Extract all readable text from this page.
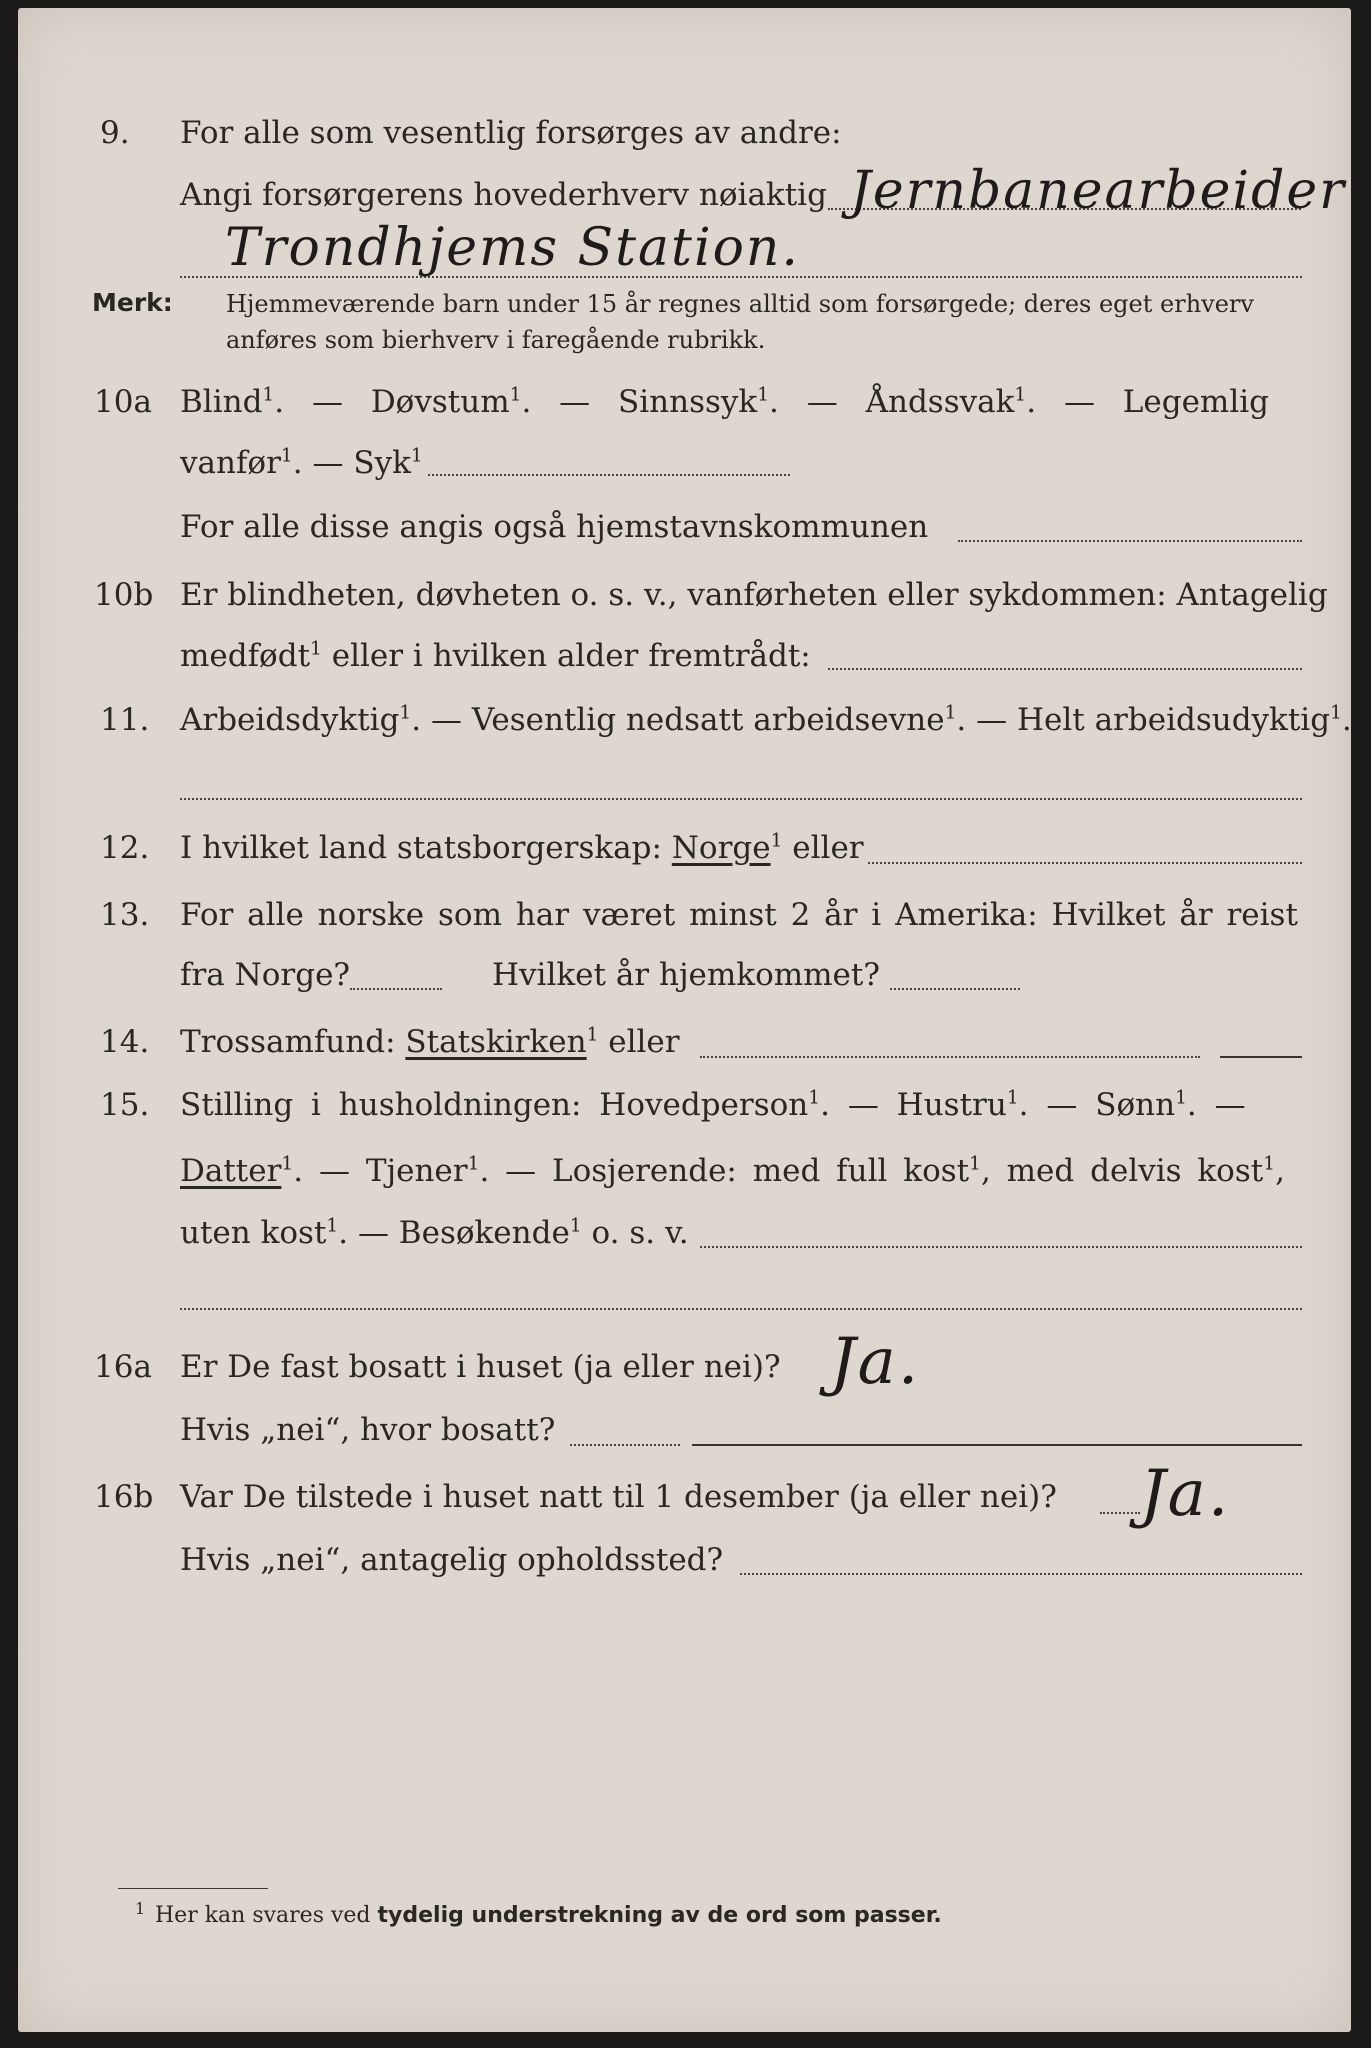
9. For alle som vesentlig forsørges av andre:
Angi forsørgerens hovederhverv nøiaktig Jernbanearbeider
Trondhjems Station.
Merk: Hjemmeværende barn under 15 år regnes alltid som forsørgede; deres eget erhverv
anføres som bierhverv i faregående rubrikk.
10a Blind$^1$. — Døvstum$^1$. — Sinnssyk$^1$. — Åndssvak$^1$. — Legemlig
vanfør$^1$. — Syk$^1$
For alle disse angis også hjemstavnskommunen
10b Er blindheten, døvheten o. s. v., vanførheten eller sykdommen: Antagelig
medfødt$^1$ eller i hvilken alder fremtrådt:
11. Arbeidsdyktig$^1$. — Vesentlig nedsatt arbeidsevne$^1$. — Helt arbeidsudyktig$^1$.
12. I hvilket land statsborgerskap: Norge$^1$ eller
13. For alle norske som har været minst 2 år i Amerika: Hvilket år reist
fra Norge?	Hvilket år hjemkommet?
14. Trossamfund: Statskirken$^1$ eller
15. Stilling i husholdningen: Hovedperson$^1$. — Hustru$^1$. — Sønn$^1$. —
Datter$^1$. — Tjener$^1$. — Losjerende: med full kost$^1$, med delvis kost$^1$,
uten kost$^1$. — Besøkende$^1$ o. s. v.
16a Er De fast bosatt i huset (ja eller nei)? Ja.
Hvis „nei“, hvor bosatt?
16b Var De tilstede i huset natt til 1 desember (ja eller nei)? Ja.
Hvis „nei“, antagelig opholdssted?
1 Her kan svares ved tydelig understrekning av de ord som passer.
